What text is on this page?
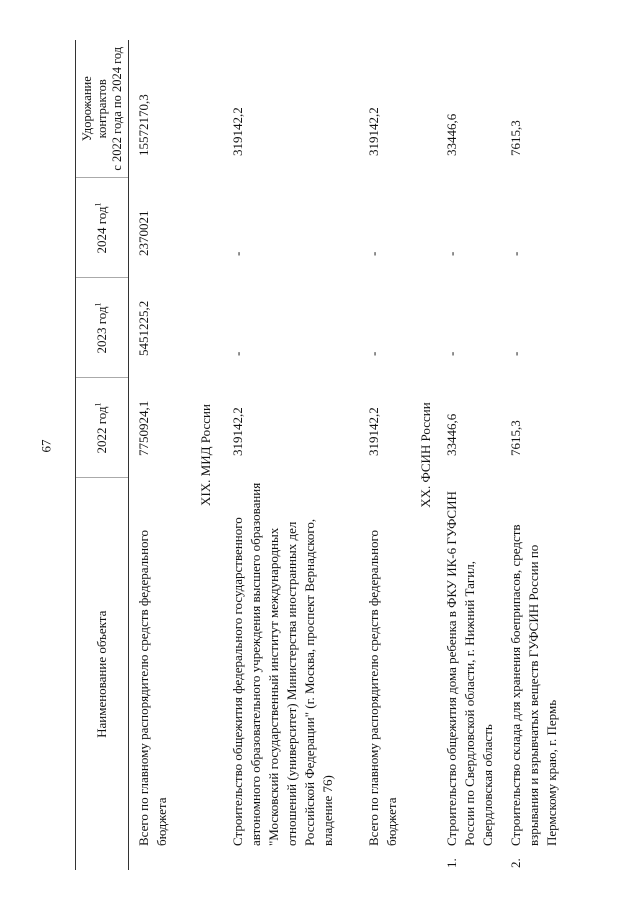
67
Наименование объекта		2022 год$^1$	2023 год$^1$	2024 год$^1$	Удорожание контрактов с 2022 года по 2024 год

	Всего по главному распорядителю средств федерального бюджета	7750924,1	5451225,2	2370021	15572170,3
XIX. МИД России					
	Строительство общежития федерального государственного автономного образовательного учреждения высшего образования "Московский государственный институт международных отношений (университет) Министерства иностранных дел Российской Федерации" (г. Москва, проспект Вернадского, владение 76)	319142,2	-	-	319142,2
	Всего по главному распорядителю средств федерального бюджета	319142,2	-	-	319142,2
XX. ФСИН России					
1.	Строительство общежития дома ребенка в ФКУ ИК-6 ГУФСИН России по Свердловской области, г. Нижний Тагил, Свердловская область	33446,6	-	-	33446,6
2.	Строительство склада для хранения боеприпасов, средств взрывания и взрывчатых веществ ГУФСИН России по Пермскому краю, г. Пермь	7615,3	-	-	7615,3
